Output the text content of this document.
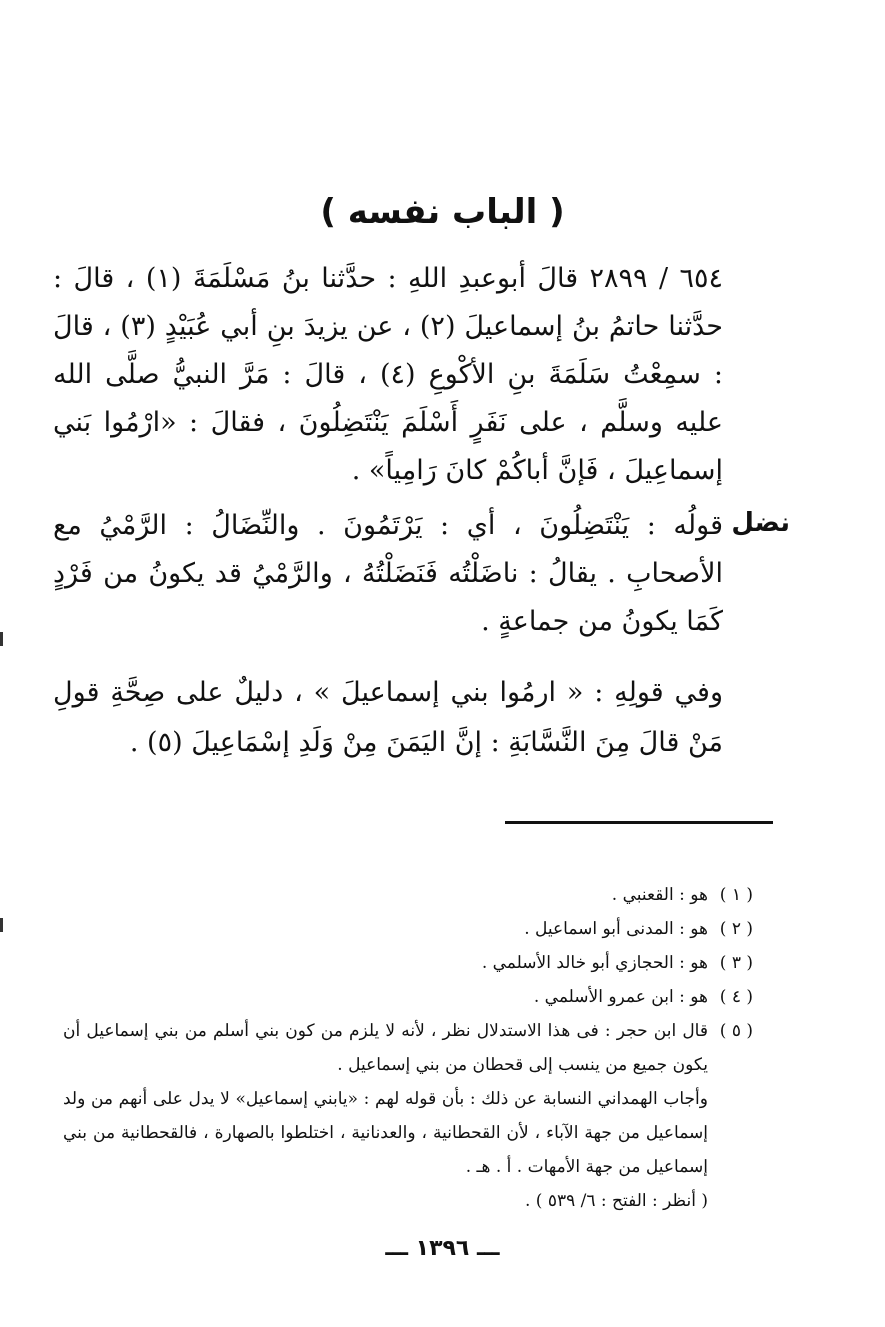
( الباب نفسه )
٦٥٤ / ٢٨٩٩ قالَ أبوعبدِ اللهِ : حدَّثنا بنُ مَسْلَمَةَ (١) ، قالَ : حدَّثنا حاتمُ بنُ إسماعيلَ (٢) ، عن يزيدَ بنِ أبي عُبَيْدٍ (٣) ، قالَ : سمِعْتُ سَلَمَةَ بنِ الأكْوعِ (٤) ، قالَ : مَرَّ النبيُّ صلَّى الله عليه وسلَّم ، على نَفَرٍ أَسْلَمَ يَنْتَضِلُونَ ، فقالَ : «ارْمُوا بَني إسماعِيلَ ، فَإنَّ أباكُمْ كانَ رَامِياً» .
نضل
قولُه : يَنْتَضِلُونَ ، أي : يَرْتَمُونَ . والنِّضَالُ : الرَّمْيُ مع الأصحابِ . يقالُ : ناضَلْتُه فَنَضَلْتُهُ ، والرَّمْيُ قد يكونُ من فَرْدٍ كَمَا يكونُ من جماعةٍ .
وفي قولِهِ : « ارمُوا بني إسماعيلَ » ، دليلٌ على صِحَّةِ قولِ مَنْ قالَ مِنَ النَّسَّابَةِ : إنَّ اليَمَنَ مِنْ وَلَدِ إسْمَاعِيلَ (٥) .
( ١ )
هو : القعنبي .
( ٢ )
هو : المدنى أبو اسماعيل .
( ٣ )
هو : الحجازي أبو خالد الأسلمي .
( ٤ )
هو : ابن عمرو الأسلمي .
( ٥ )
قال ابن حجر : فى هذا الاستدلال نظر ، لأنه لا يلزم من كون بني أسلم من بني إسماعيل أن يكون جميع من ينسب إلى قحطان من بني إسماعيل .
وأجاب الهمداني النسابة عن ذلك : بأن قوله لهم : «يابني إسماعيل» لا يدل على أنهم من ولد إسماعيل من جهة الآباء ، لأن القحطانية ، والعدنانية ، اختلطوا بالصهارة ، فالقحطانية من بني إسماعيل من جهة الأمهات . أ . هـ .
( أنظر : الفتح : ٦/ ٥٣٩ ) .
ـــ ١٣٩٦ ـــ
